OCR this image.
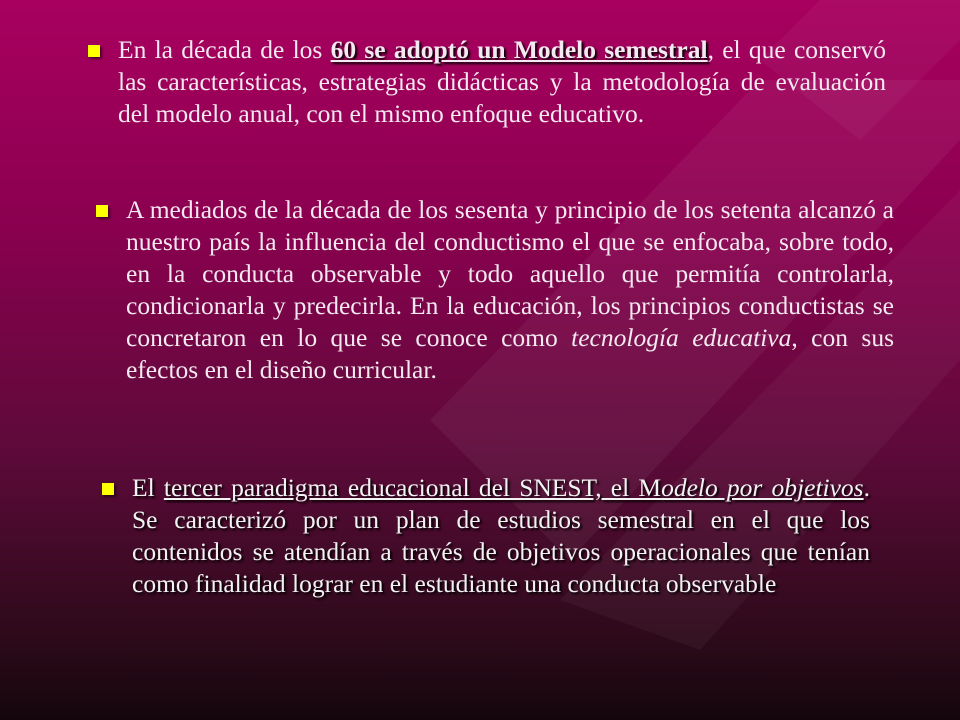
En la década de los 60 se adoptó un Modelo semestral, el que conservó las características, estrategias didácticas y la metodología de evaluación del modelo anual, con el mismo enfoque educativo.
A mediados de la década de los sesenta y principio de los setenta alcanzó a nuestro país la influencia del conductismo el que se enfocaba, sobre todo, en la conducta observable y todo aquello que permitía controlarla, condicionarla y predecirla. En la educación, los principios conductistas se concretaron en lo que se conoce como tecnología educativa, con sus efectos en el diseño curricular.
El tercer paradigma educacional del SNEST, el Modelo por objetivos. Se caracterizó por un plan de estudios semestral en el que los contenidos se atendían a través de objetivos operacionales que tenían como finalidad lograr en el estudiante una conducta observable
